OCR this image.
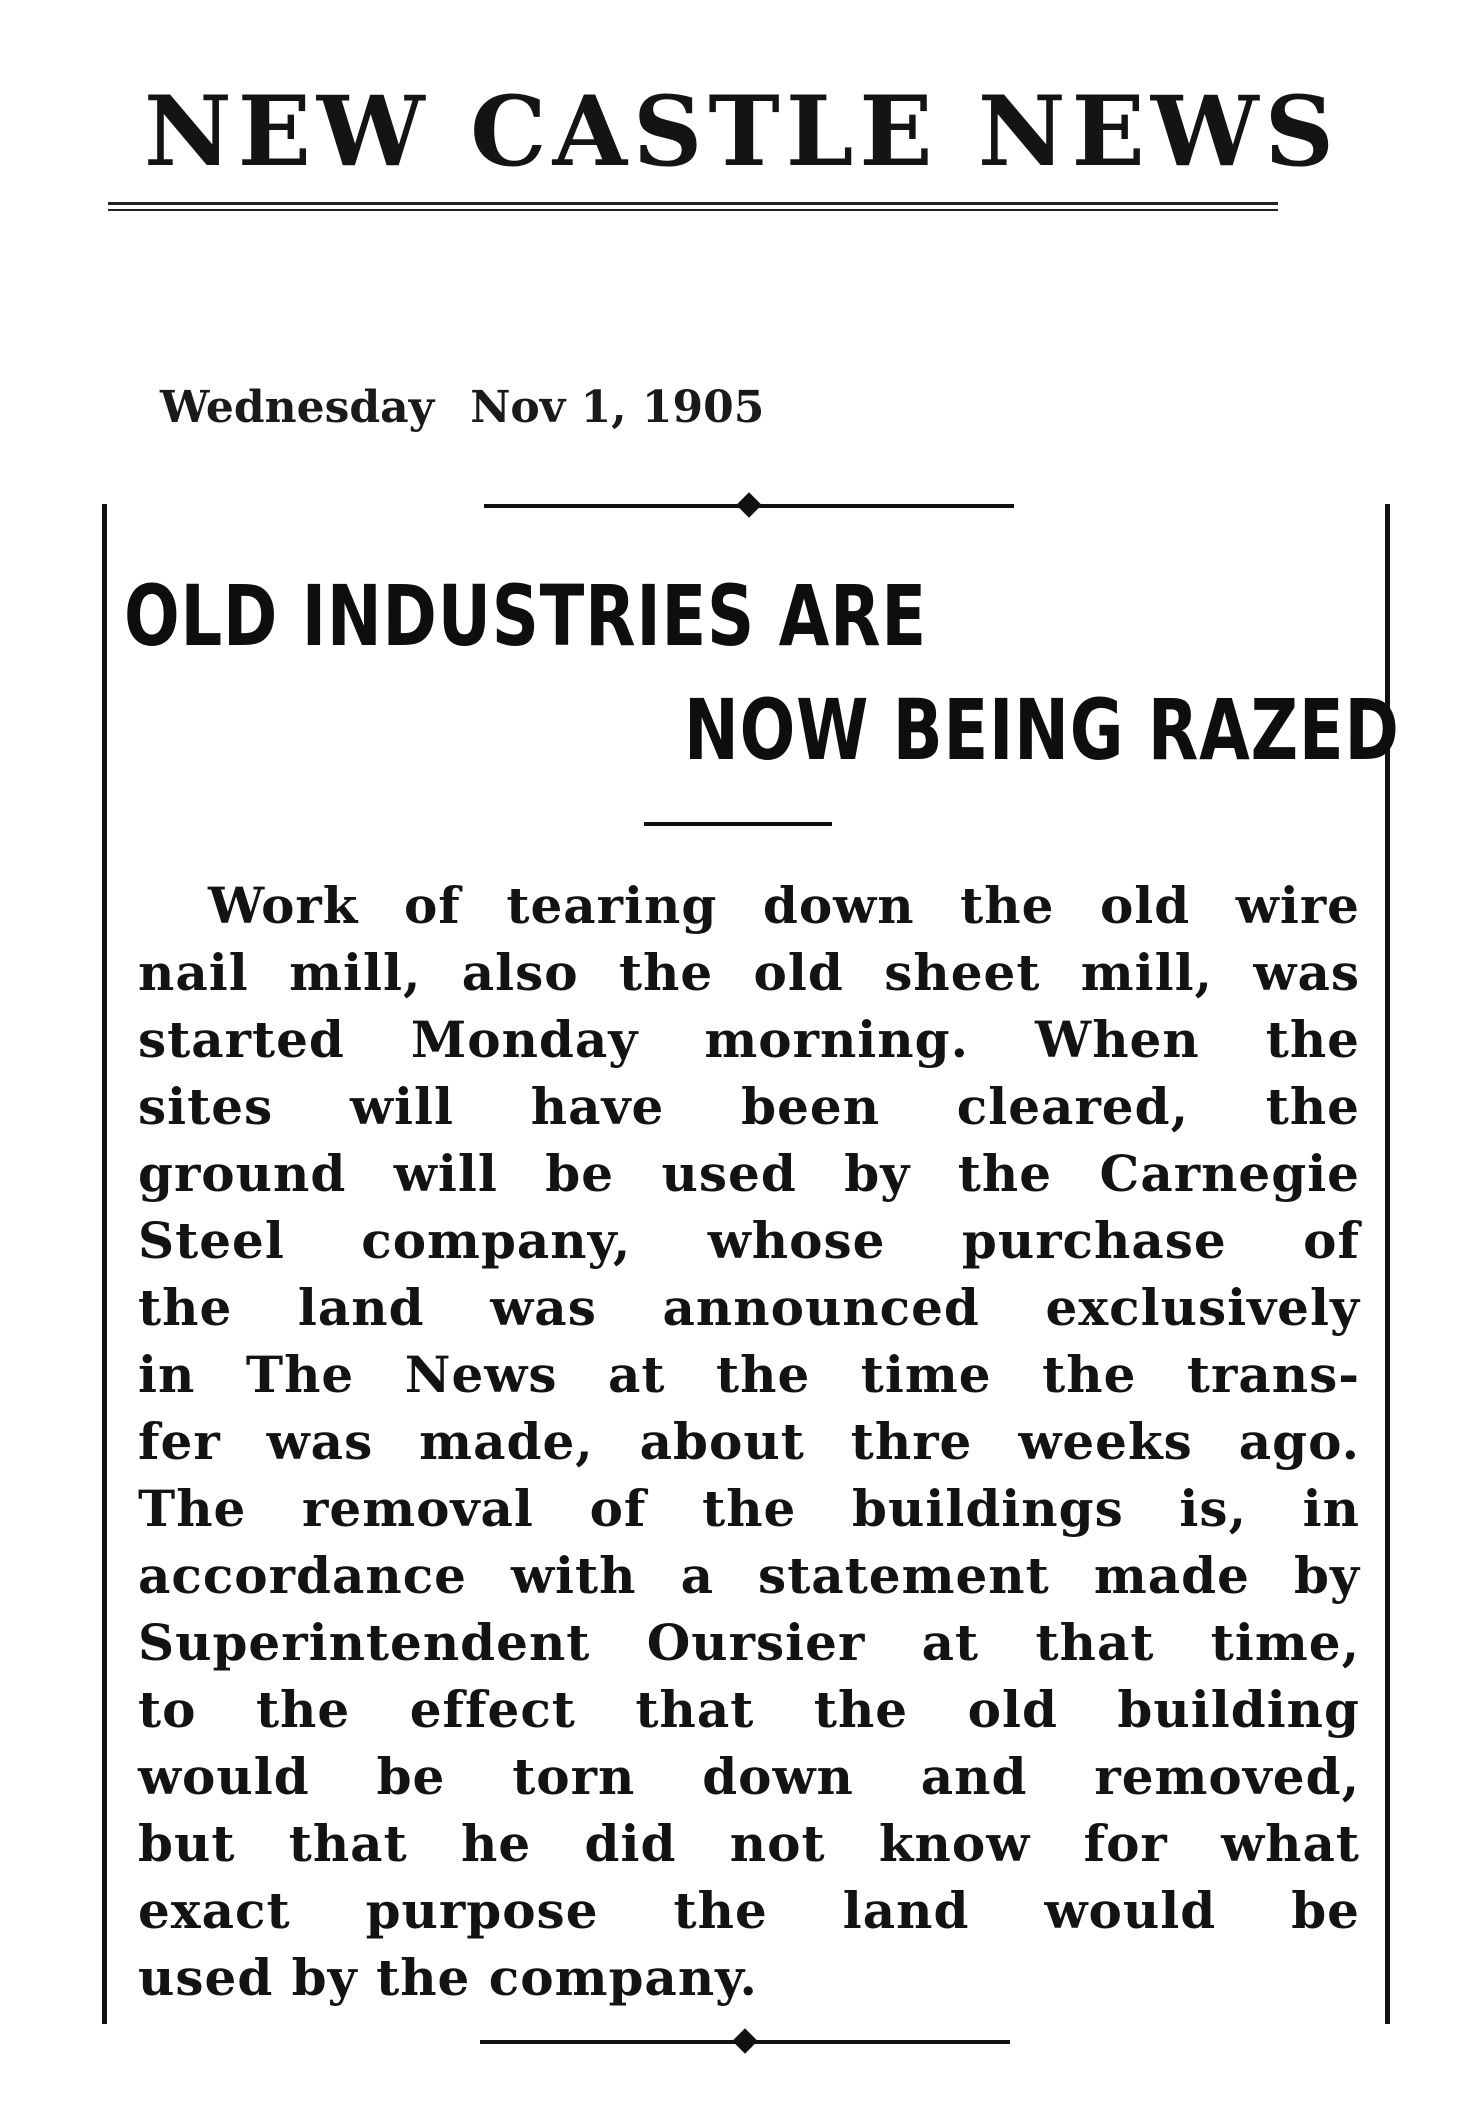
NEW CASTLE NEWS
Wednesday Nov 1, 1905
OLD INDUSTRIES ARE
NOW BEING RAZED
Work of tearing down the old wire
nail mill, also the old sheet mill, was
started Monday morning. When the
sites will have been cleared, the
ground will be used by the Carnegie
Steel company, whose purchase of
the land was announced exclusively
in The News at the time the trans-
fer was made, about thre weeks ago.
The removal of the buildings is, in
accordance with a statement made by
Superintendent Oursier at that time,
to the effect that the old building
would be torn down and removed,
but that he did not know for what
exact purpose the land would be
used by the company.
